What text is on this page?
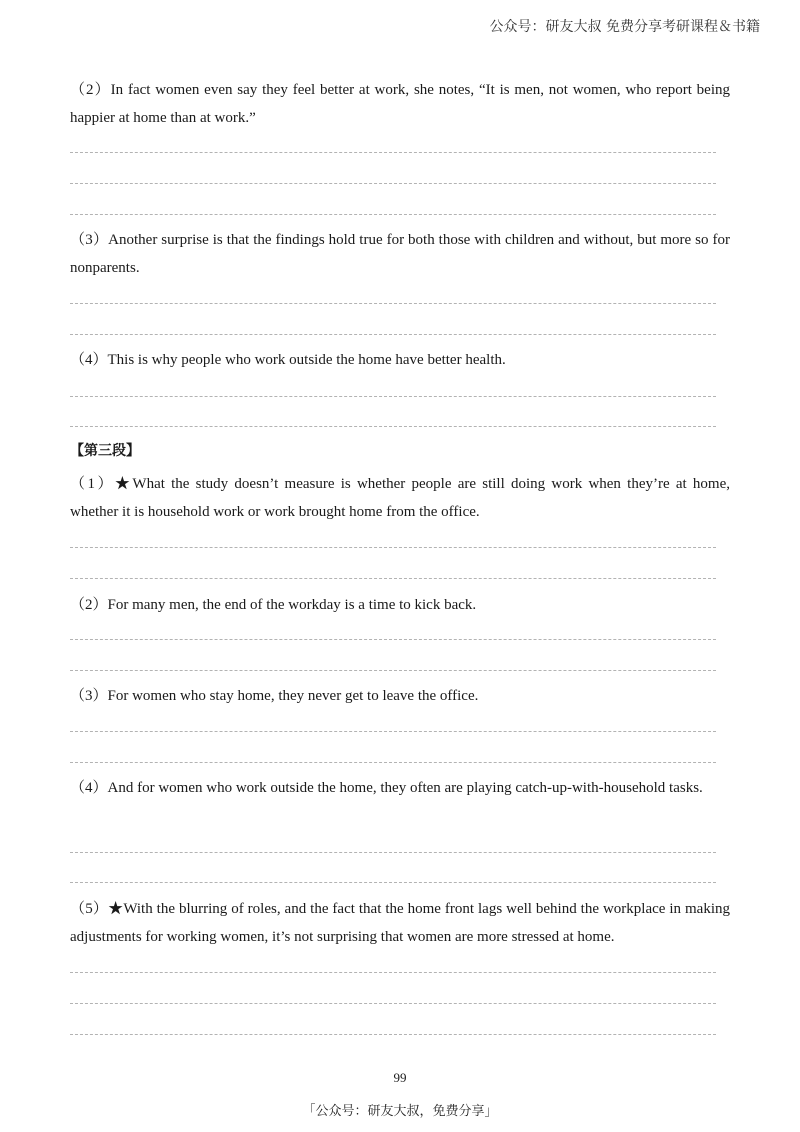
公众号：研友大叔 免费分享考研课程＆书籍

（2）In fact women even say they feel better at work, she notes, “It is men, not women, who report being happier at home than at work.”

（3）Another surprise is that the findings hold true for both those with children and without, but more so for nonparents.

（4）This is why people who work outside the home have better health.

【第三段】

（1）★What the study doesn’t measure is whether people are still doing work when they’re at home, whether it is household work or work brought home from the office.

（2）For many men, the end of the workday is a time to kick back.

（3）For women who stay home, they never get to leave the office.

（4）And for women who work outside the home, they often are playing catch-up-with-household tasks.

（5）★With the blurring of roles, and the fact that the home front lags well behind the workplace in making adjustments for working women, it’s not surprising that women are more stressed at home.

99
「公众号：研友大叔，免费分享」
